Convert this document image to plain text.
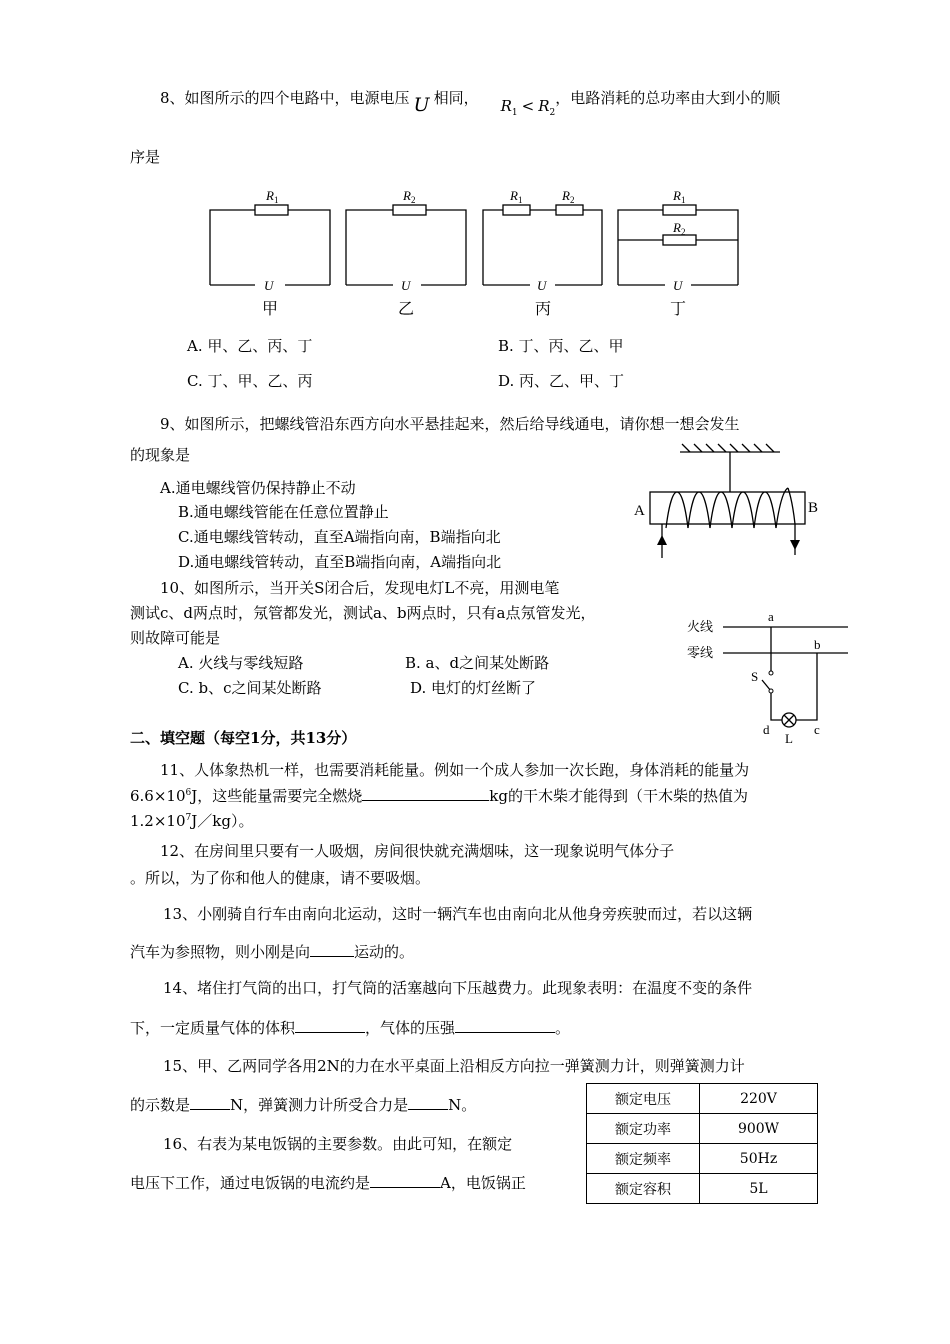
8、如图所示的四个电路中，电源电压 U 相同， $R_1 < R_2$，电路消耗的总功率由大到小的顺
序是
$R_1$	$R_2$	$R_1$	$R_2$	$R_1$
$R_2$
U	U	U	U
甲	乙	丙	丁
A. 甲、乙、丙、丁	B. 丁、丙、乙、甲
C. 丁、甲、乙、丙	D. 丙、乙、甲、丁
9、如图所示，把螺线管沿东西方向水平悬挂起来，然后给导线通电，请你想一想会发生
的现象是
A.通电螺线管仍保持静止不动
B.通电螺线管能在任意位置静止
C.通电螺线管转动，直至A端指向南，B端指向北
D.通电螺线管转动，直至B端指向南，A端指向北
A	B
10、如图所示，当开关S闭合后，发现电灯L不亮，用测电笔
测试c、d两点时，氖管都发光，测试a、b两点时，只有a点氖管发光，
则故障可能是
A. 火线与零线短路	B. a、d之间某处断路
C. b、c之间某处断路	D. 电灯的灯丝断了
火线
零线
a
b
S
d	c
L
二、填空题（每空1分，共13分）
11、人体象热机一样，也需要消耗能量。例如一个成人参加一次长跑，身体消耗的能量为
$6.6\times 10^6J$，这些能量需要完全燃烧	kg的干木柴才能得到（干木柴的热值为
$1.2\times 10^7J/kg$）。
12、在房间里只要有一人吸烟，房间很快就充满烟味，这一现象说明气体分子
。所以，为了你和他人的健康，请不要吸烟。
13、小刚骑自行车由南向北运动，这时一辆汽车也由南向北从他身旁疾驶而过，若以这辆
汽车为参照物，则小刚是向	运动的。
14、堵住打气筒的出口，打气筒的活塞越向下压越费力。此现象表明：在温度不变的条件
下，一定质量气体的体积	，气体的压强	。
15、甲、乙两同学各用2N的力在水平桌面上沿相反方向拉一弹簧测力计，则弹簧测力计
的示数是	N，弹簧测力计所受合力是	N。
16、右表为某电饭锅的主要参数。由此可知，在额定
电压下工作，通过电饭锅的电流约是	A，电饭锅正
额定电压	220V
额定功率	900W
额定频率	50Hz
额定容积	5L
